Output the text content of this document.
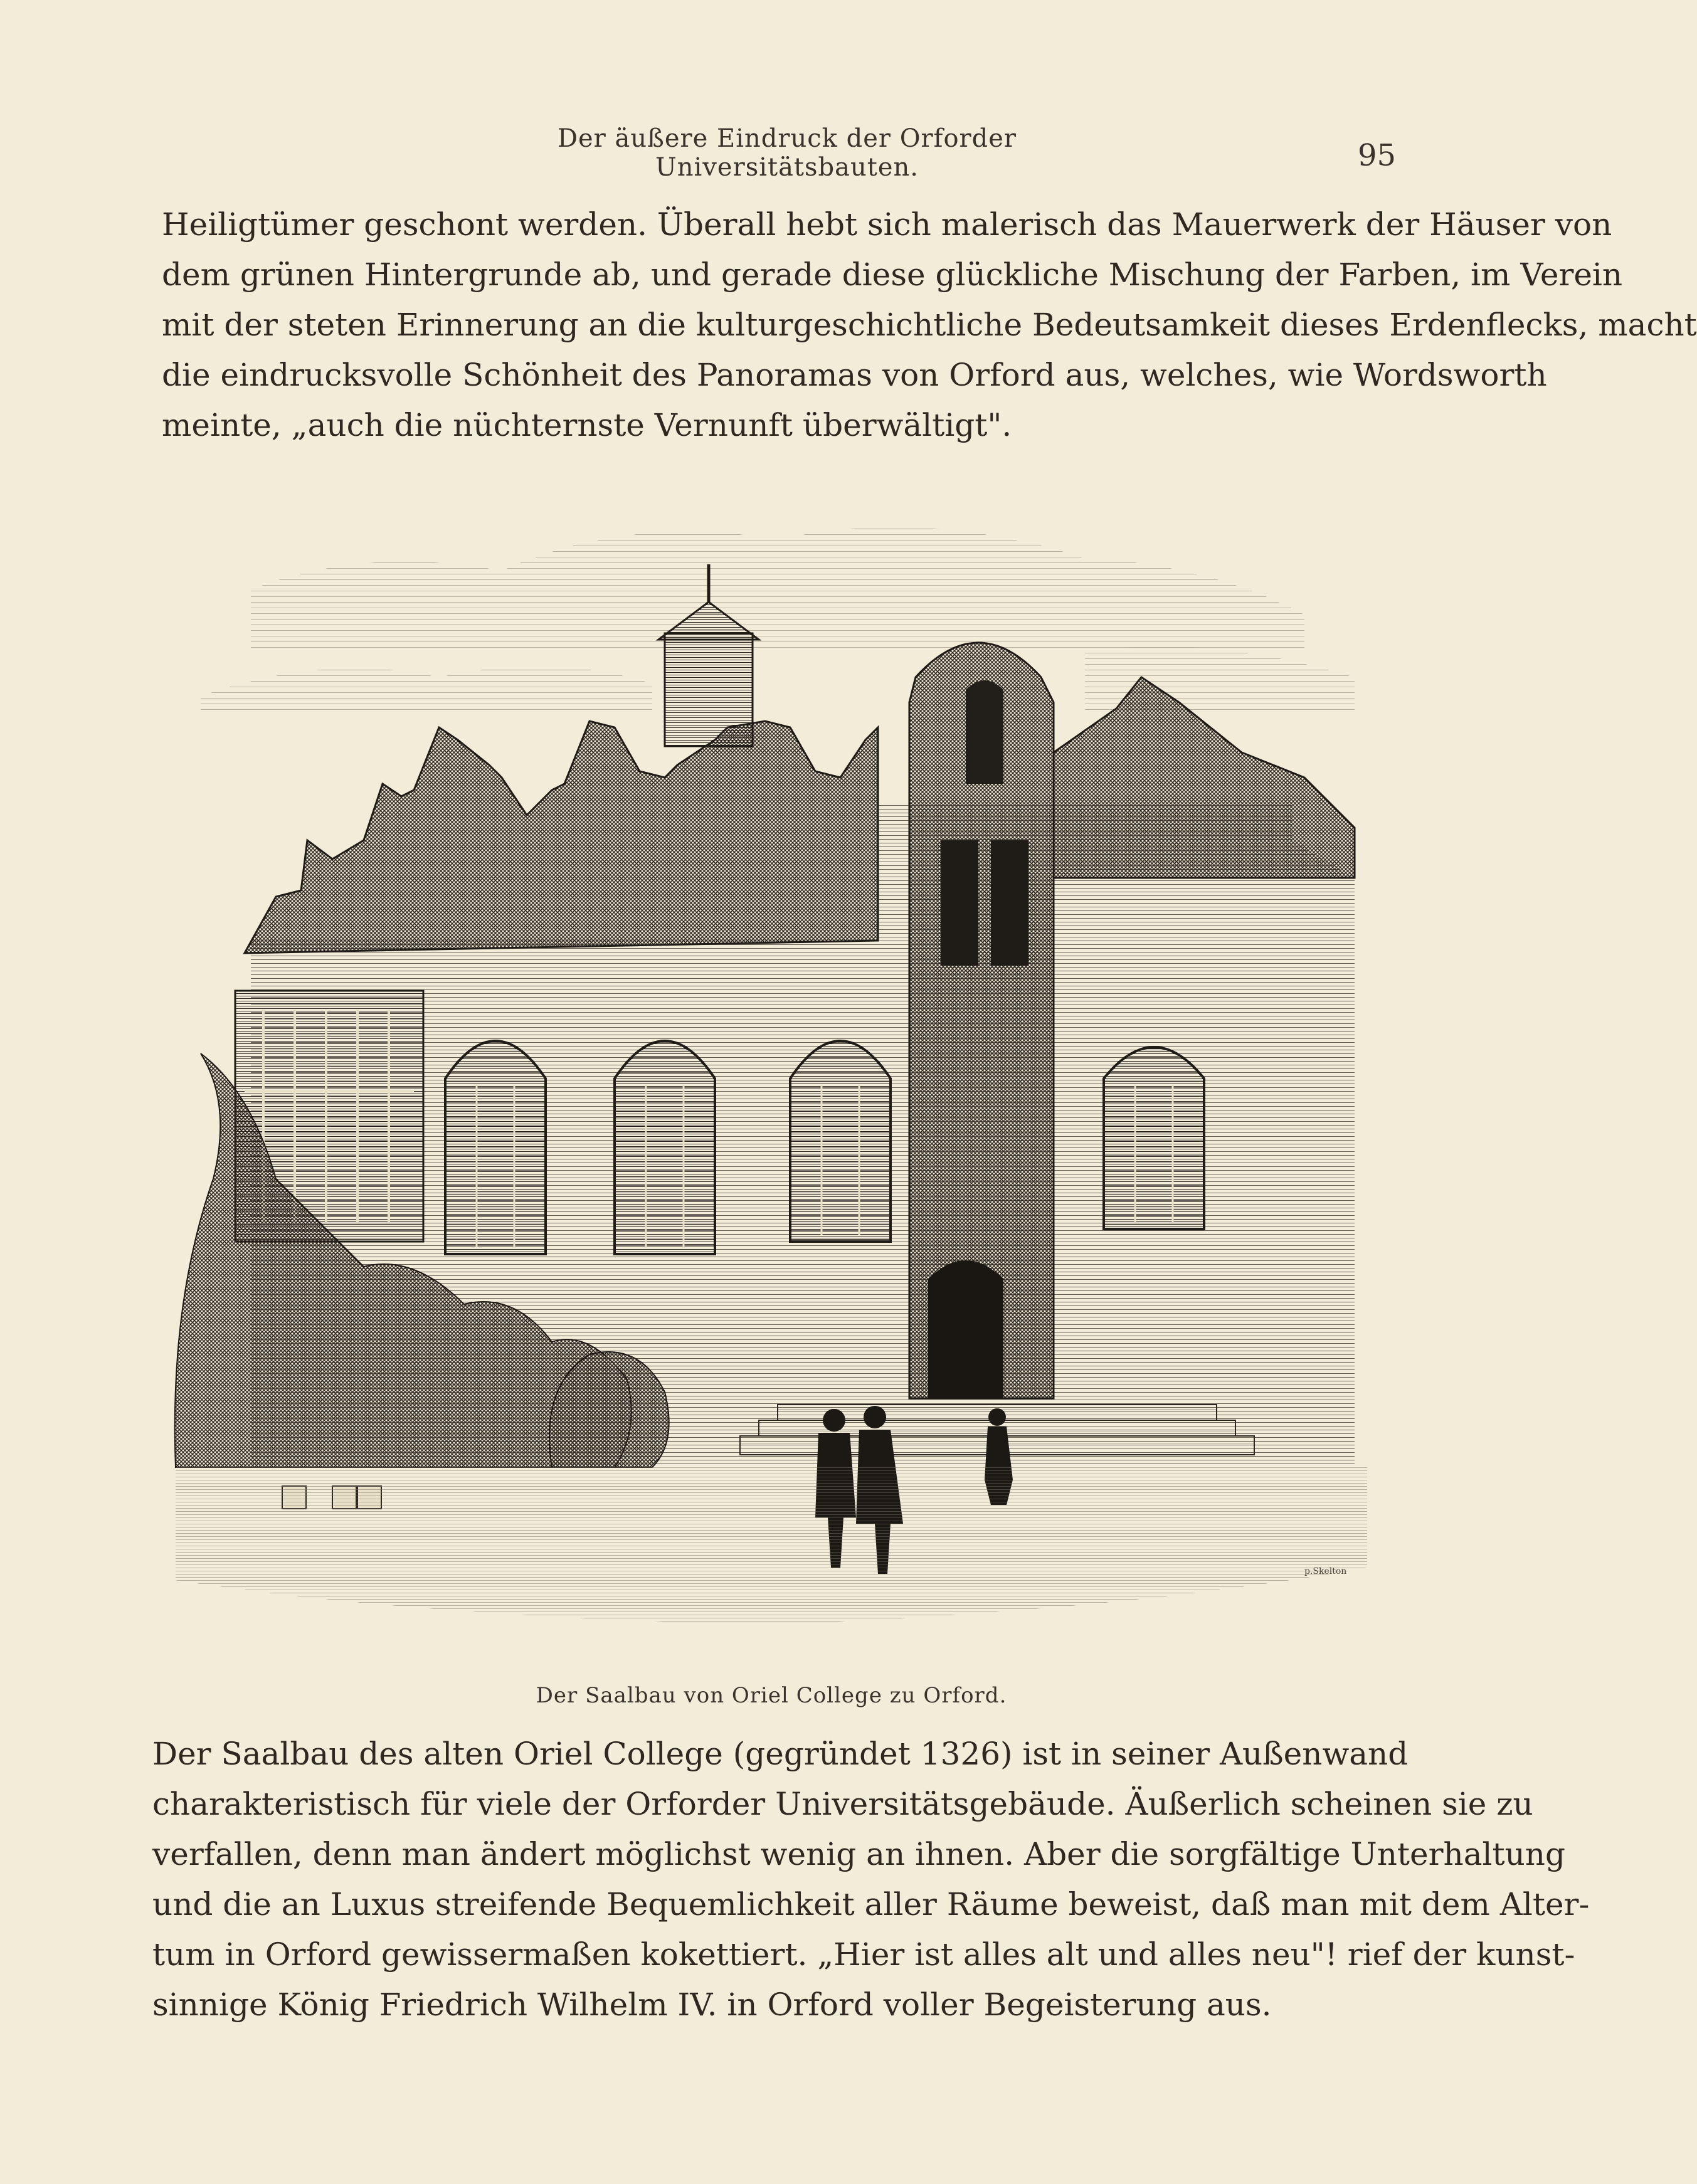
Der äußere Eindruck der Orforder Universitätsbauten.	95
Heiligtümer geschont werden. Überall hebt sich malerisch das Mauerwerk der Häuser von
dem grünen Hintergrunde ab, und gerade diese glückliche Mischung der Farben, im Verein
mit der steten Erinnerung an die kulturgeschichtliche Bedeutsamkeit dieses Erdenflecks, macht
die eindrucksvolle Schönheit des Panoramas von Orford aus, welches, wie Wordsworth
meinte, „auch die nüchternste Vernunft überwältigt".
p.Skelton
Der Saalbau von Oriel College zu Orford.
Der Saalbau des alten Oriel College (gegründet 1326) ist in seiner Außenwand
charakteristisch für viele der Orforder Universitätsgebäude. Äußerlich scheinen sie zu
verfallen, denn man ändert möglichst wenig an ihnen. Aber die sorgfältige Unterhaltung
und die an Luxus streifende Bequemlichkeit aller Räume beweist, daß man mit dem Alter-
tum in Orford gewissermaßen kokettiert. „Hier ist alles alt und alles neu"! rief der kunst-
sinnige König Friedrich Wilhelm IV. in Orford voller Begeisterung aus.
